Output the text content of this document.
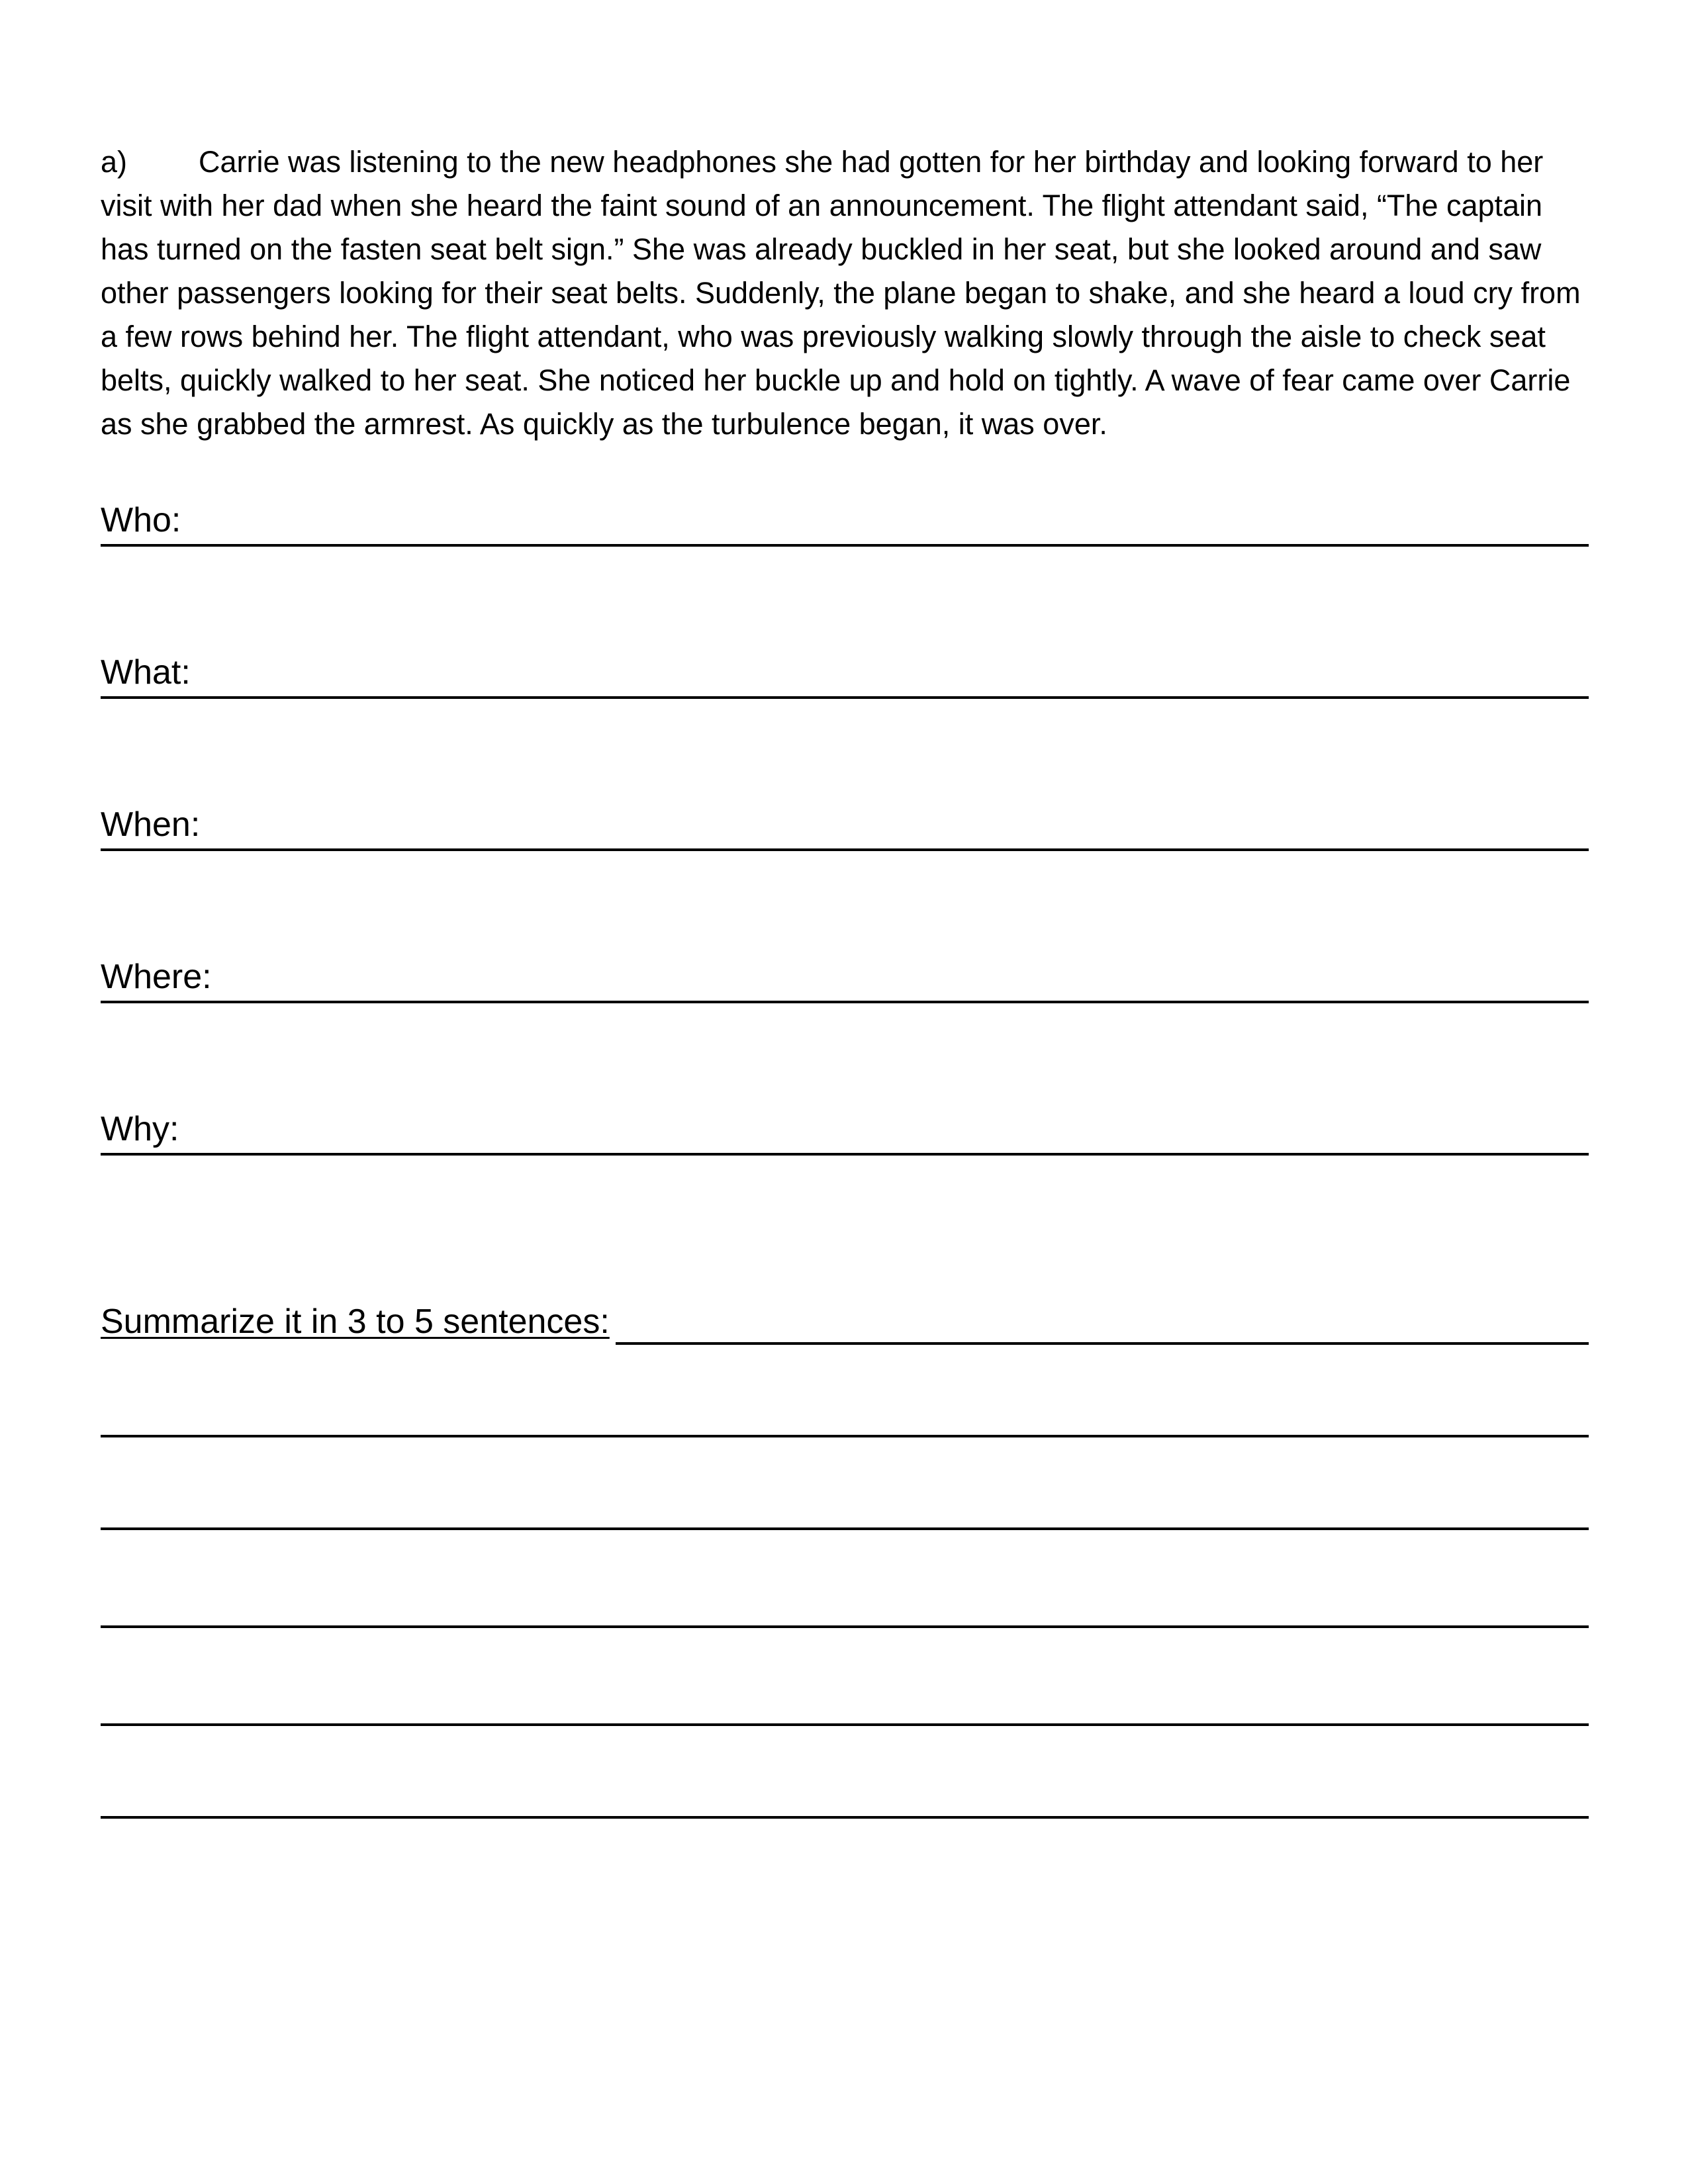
a) Carrie was listening to the new headphones she had gotten for her birthday and looking forward to her visit with her dad when she heard the faint sound of an announcement. The flight attendant said, “The captain has turned on the fasten seat belt sign.” She was already buckled in her seat, but she looked around and saw other passengers looking for their seat belts. Suddenly, the plane began to shake, and she heard a loud cry from a few rows behind her. The flight attendant, who was previously walking slowly through the aisle to check seat belts, quickly walked to her seat. She noticed her buckle up and hold on tightly. A wave of fear came over Carrie as she grabbed the armrest. As quickly as the turbulence began, it was over.

Who:
What:
When:
Where:
Why:
Summarize it in 3 to 5 sentences:
